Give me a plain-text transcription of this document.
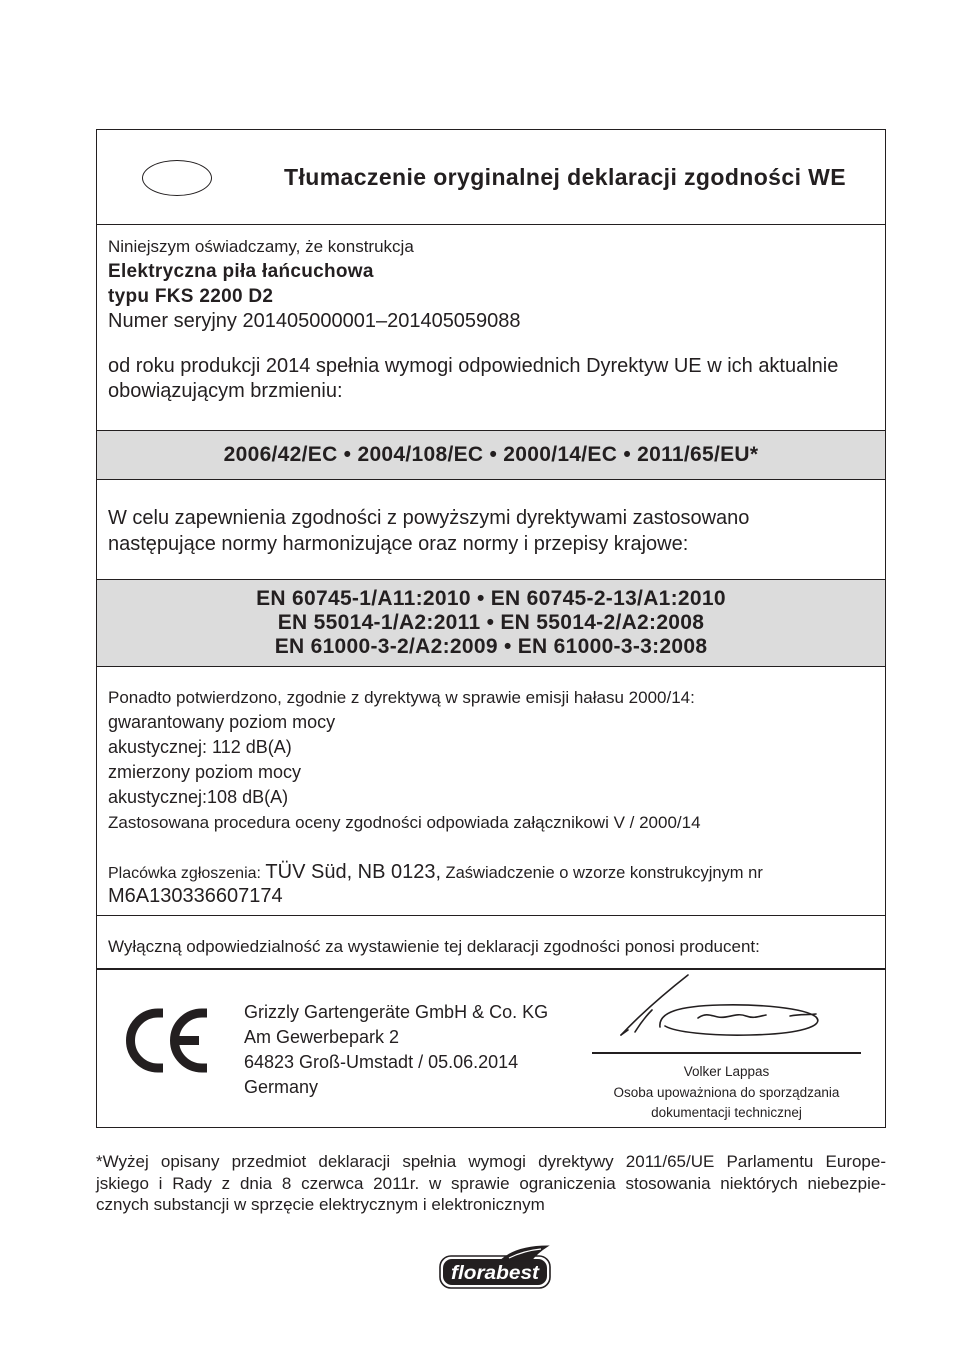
Tłumaczenie oryginalnej deklaracji zgodności WE
Niniejszym oświadczamy, że konstrukcja
Elektryczna piła łańcuchowa
typu FKS 2200 D2
Numer seryjny 201405000001–201405059088
od roku produkcji 2014 spełnia wymogi odpowiednich Dyrektyw UE w ich aktualnie
obowiązującym brzmieniu:
2006/42/EC • 2004/108/EC • 2000/14/EC • 2011/65/EU*
W celu zapewnienia zgodności z powyższymi dyrektywami zastosowano
następujące normy harmonizujące oraz normy i przepisy krajowe:
EN 60745-1/A11:2010 • EN 60745-2-13/A1:2010
EN 55014-1/A2:2011 • EN 55014-2/A2:2008
EN 61000-3-2/A2:2009 • EN 61000-3-3:2008
Ponadto potwierdzono, zgodnie z dyrektywą w sprawie emisji hałasu 2000/14:
gwarantowany poziom mocy
akustycznej: 112 dB(A)
zmierzony poziom mocy
akustycznej:108 dB(A)
Zastosowana procedura oceny zgodności odpowiada załącznikowi V / 2000/14
Placówka zgłoszenia: TÜV Süd, NB 0123, Zaświadczenie o wzorze konstrukcyjnym nr
M6A130336607174
Wyłączną odpowiedzialność za wystawienie tej deklaracji zgodności ponosi producent:
Grizzly Gartengeräte GmbH & Co. KG
Am Gewerbepark 2
64823 Groß-Umstadt / 05.06.2014
Germany
Volker Lappas
Osoba upoważniona do sporządzania
dokumentacji technicznej
*Wyżej opisany przedmiot deklaracji spełnia wymogi dyrektywy 2011/65/UE Parlamentu Europe-
jskiego i Rady z dnia 8 czerwca 2011r. w sprawie ograniczenia stosowania niektórych niebezpie-
cznych substancji w sprzęcie elektrycznym i elektronicznym
florabest
